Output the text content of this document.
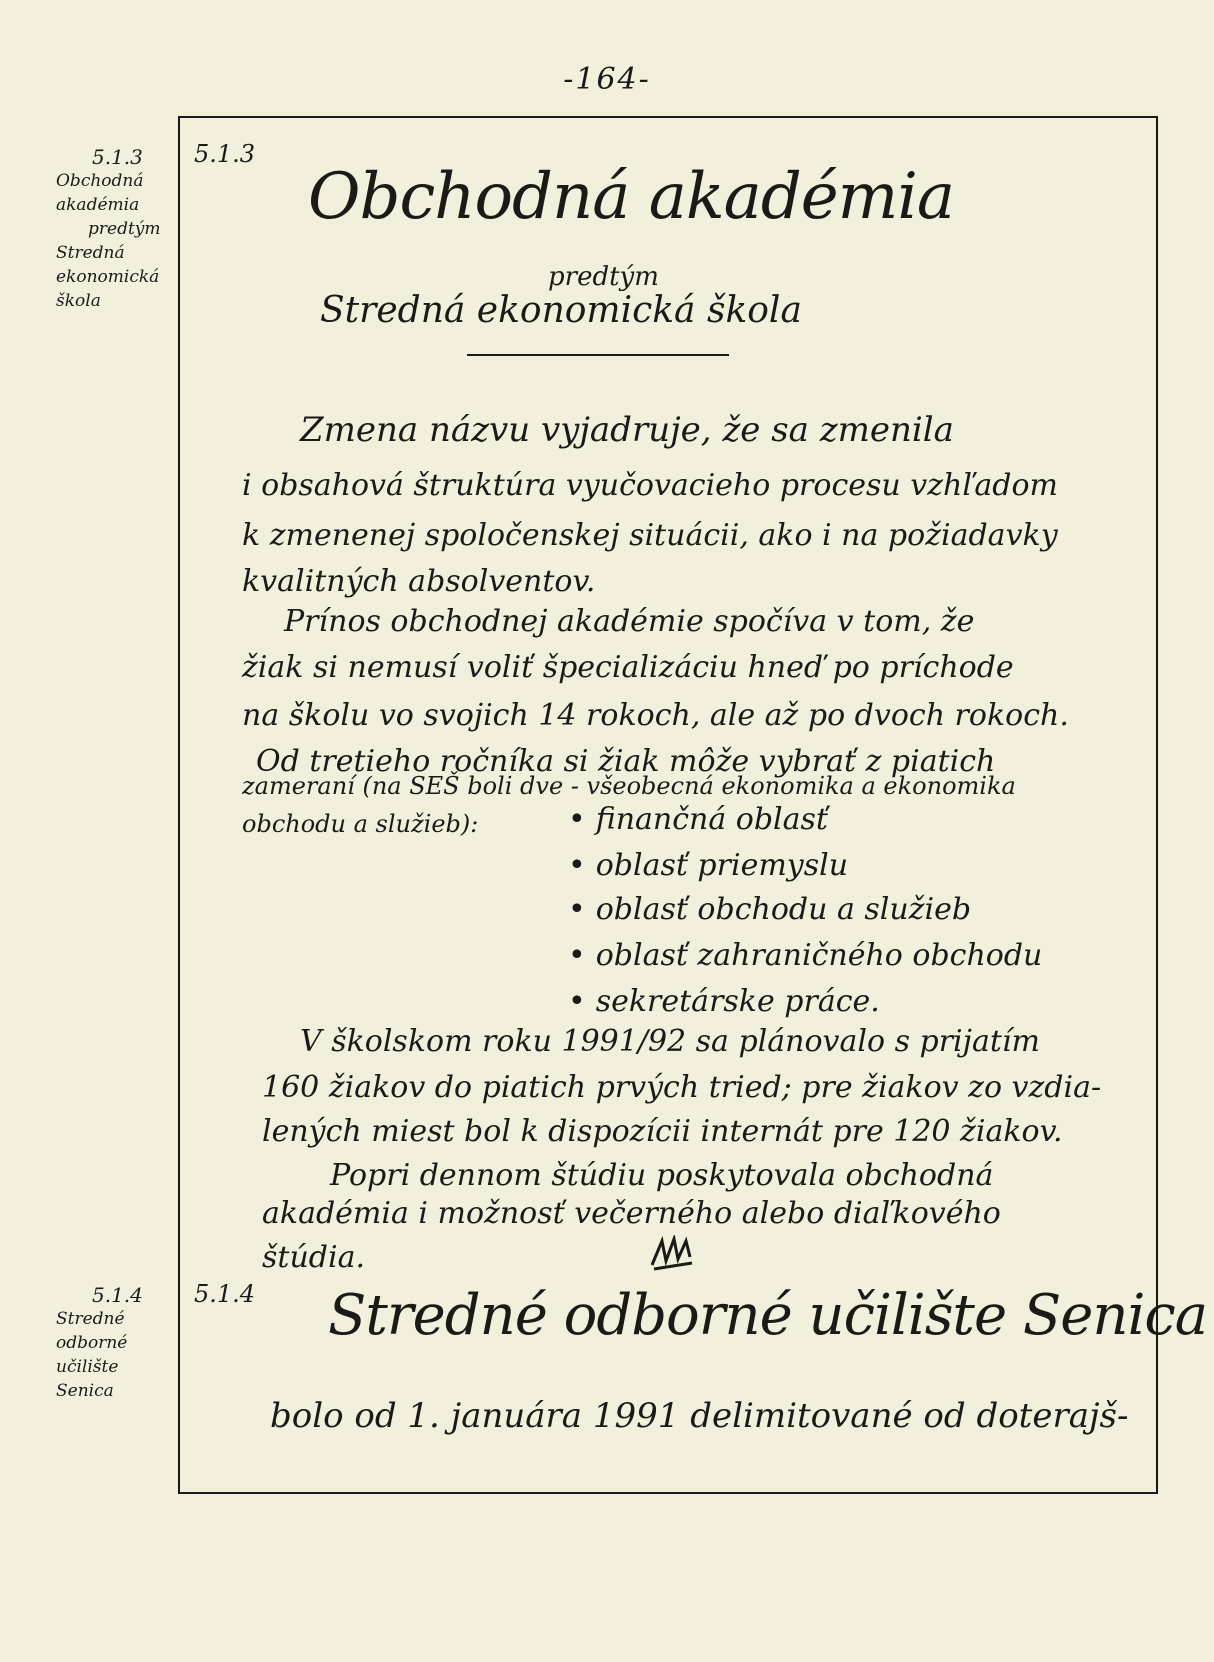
-164-
5.1.3
Obchodná
akadémia
predtým
Stredná
ekonomická
škola
5.1.4
Stredné
odborné
učilište
Senica
5.1.3
Obchodná akadémia
predtým
Stredná ekonomická škola
Zmena názvu vyjadruje, že sa zmenila
i obsahová štruktúra vyučovacieho procesu vzhľadom
k zmenenej spoločenskej situácii, ako i na požiadavky
kvalitných absolventov.
Prínos obchodnej akadémie spočíva v tom, že
žiak si nemusí voliť špecializáciu hneď po príchode
na školu vo svojich 14 rokoch, ale až po dvoch rokoch.
Od tretieho ročníka si žiak môže vybrať z piatich
zameraní (na SEŠ boli dve - všeobecná ekonomika a ekonomika
obchodu a služieb):
•	finančná oblasť
• oblasť priemyslu
• oblasť obchodu a služieb
• oblasť zahraničného obchodu
• sekretárske práce.
V školskom roku 1991/92 sa plánovalo s prijatím
160 žiakov do piatich prvých tried; pre žiakov zo vzdia-
lených miest bol k dispozícii internát pre 120 žiakov.
Popri dennom štúdiu poskytovala obchodná
akadémia i možnosť večerného alebo diaľkového
štúdia.
5.1.4 Stredné odborné učilište Senica
bolo od 1. januára 1991 delimitované od doterajš-
